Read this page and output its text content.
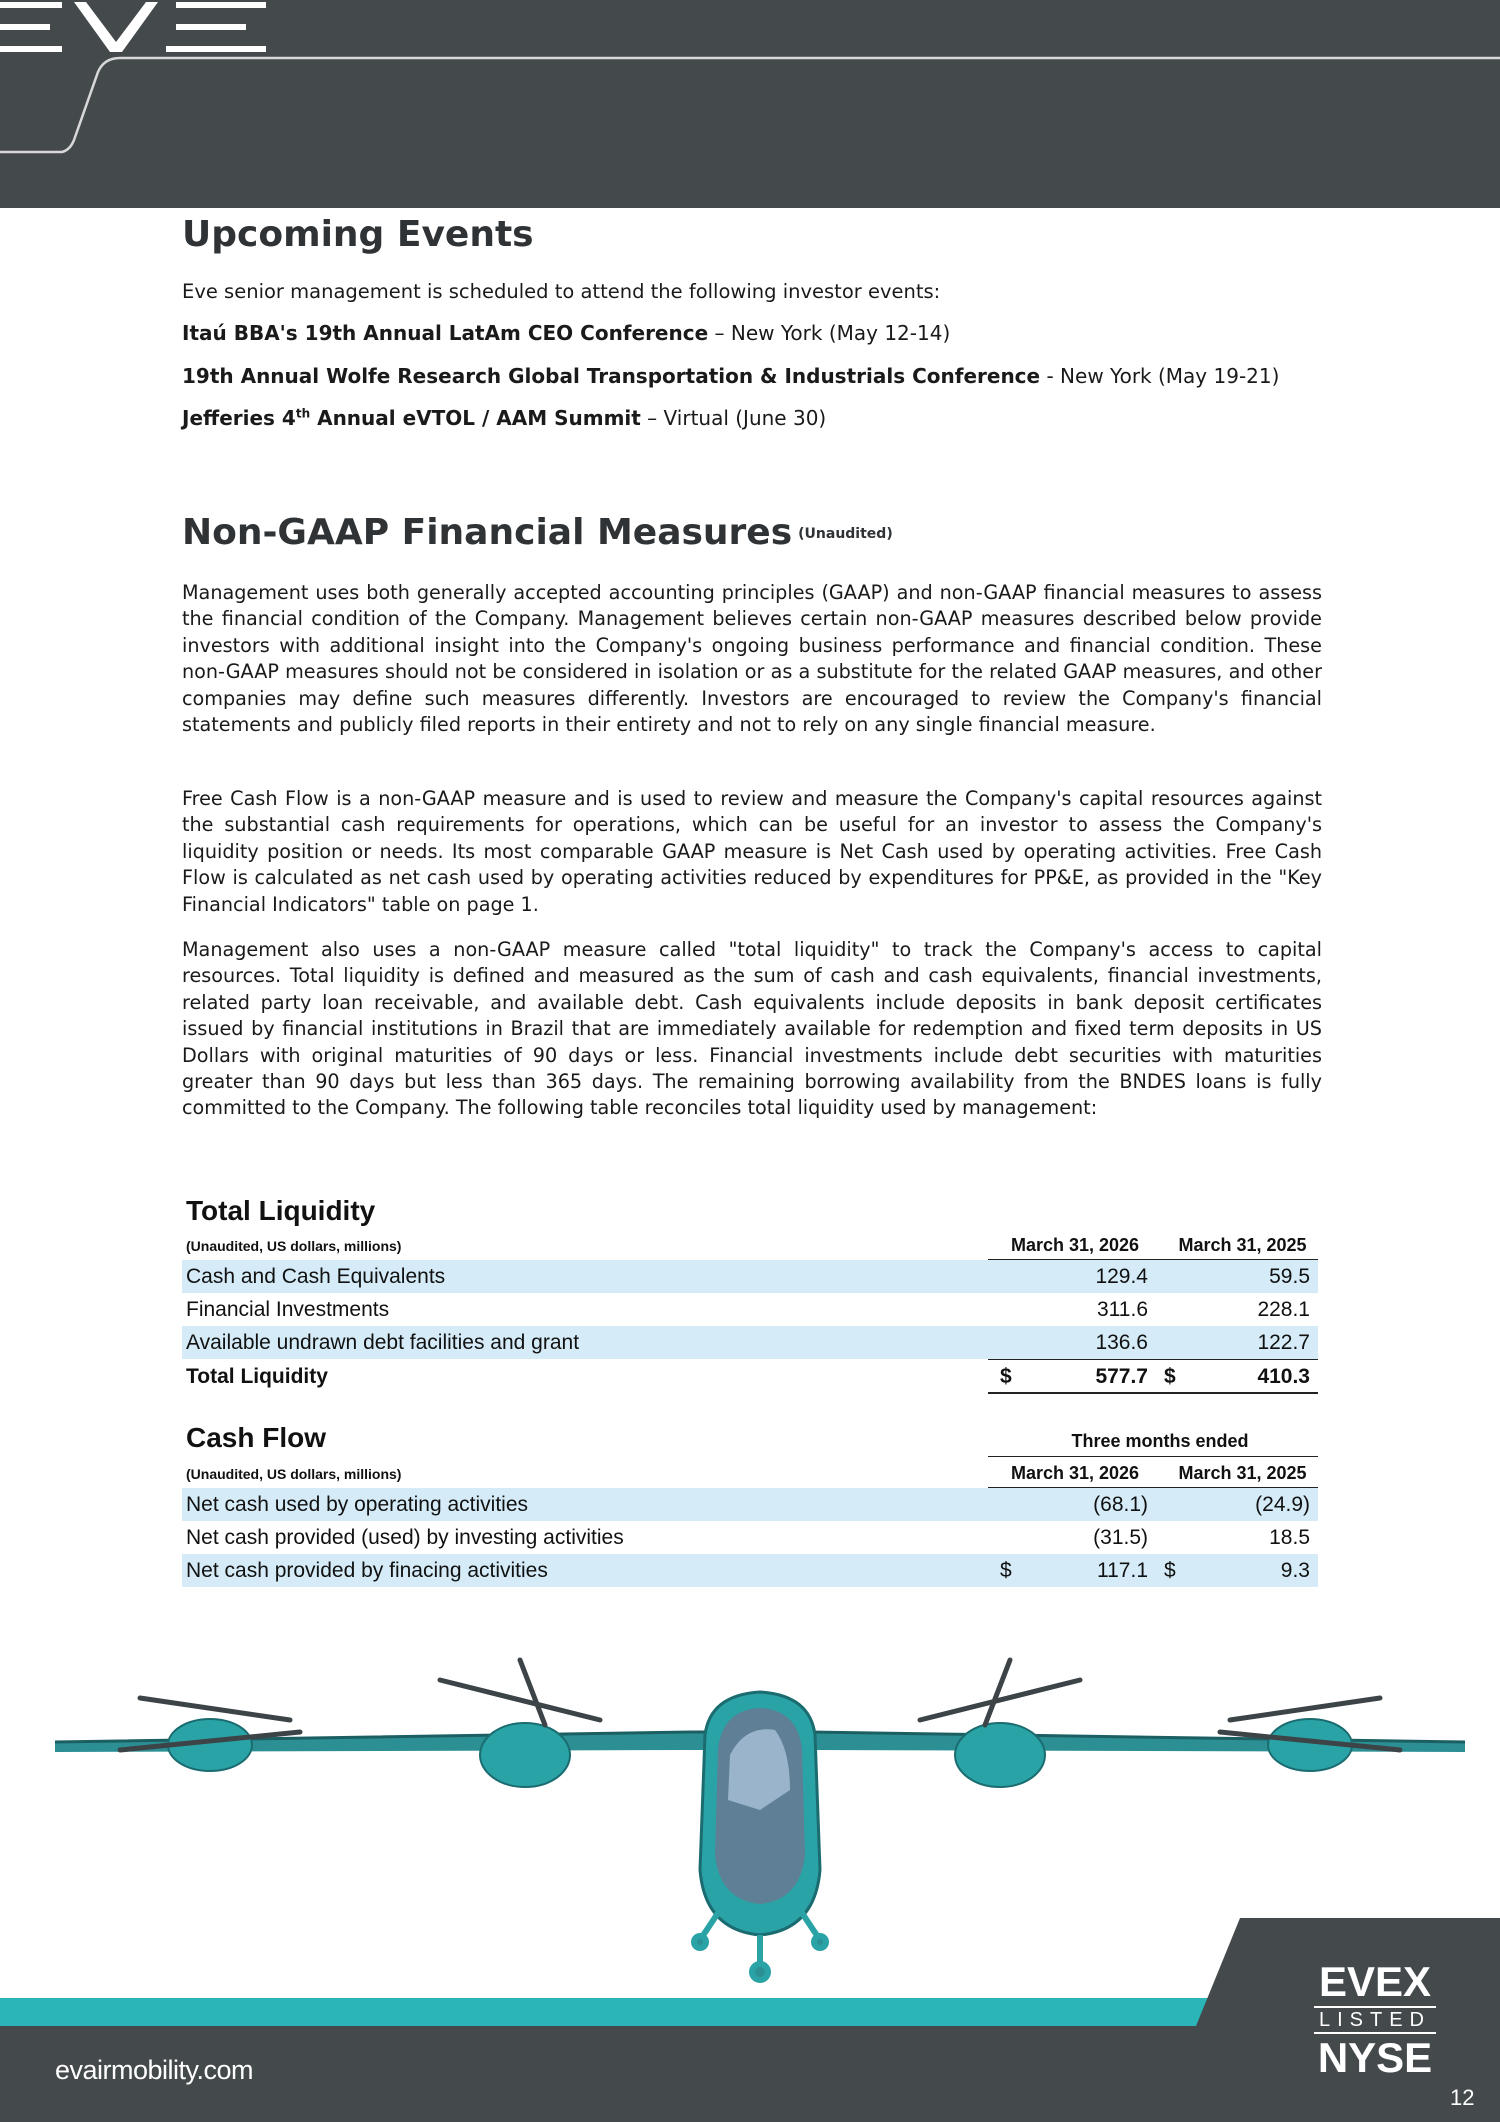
Upcoming Events

Eve senior management is scheduled to attend the following investor events:

Itaú BBA's 19th Annual LatAm CEO Conference – New York (May 12-14)

19th Annual Wolfe Research Global Transportation & Industrials Conference - New York (May 19-21)

Jefferies 4th Annual eVTOL / AAM Summit – Virtual (June 30)

Non-GAAP Financial Measures (Unaudited)

Management uses both generally accepted accounting principles (GAAP) and non-GAAP financial measures to assess the financial condition of the Company. Management believes certain non-GAAP measures described below provide investors with additional insight into the Company's ongoing business performance and financial condition. These non-GAAP measures should not be considered in isolation or as a substitute for the related GAAP measures, and other companies may define such measures differently. Investors are encouraged to review the Company's financial statements and publicly filed reports in their entirety and not to rely on any single financial measure.

Free Cash Flow is a non-GAAP measure and is used to review and measure the Company's capital resources against the substantial cash requirements for operations, which can be useful for an investor to assess the Company's liquidity position or needs. Its most comparable GAAP measure is Net Cash used by operating activities. Free Cash Flow is calculated as net cash used by operating activities reduced by expenditures for PP&E, as provided in the "Key Financial Indicators" table on page 1.

Management also uses a non-GAAP measure called "total liquidity" to track the Company's access to capital resources. Total liquidity is defined and measured as the sum of cash and cash equivalents, financial investments, related party loan receivable, and available debt. Cash equivalents include deposits in bank deposit certificates issued by financial institutions in Brazil that are immediately available for redemption and fixed term deposits in US Dollars with original maturities of 90 days or less. Financial investments include debt securities with maturities greater than 90 days but less than 365 days. The remaining borrowing availability from the BNDES loans is fully committed to the Company. The following table reconciles total liquidity used by management:

Total Liquidity
(Unaudited, US dollars, millions)	March 31, 2026	March 31, 2025
Cash and Cash Equivalents	129.4	59.5
Financial Investments	311.6	228.1
Available undrawn debt facilities and grant	136.6	122.7
Total Liquidity	$	577.7 $	410.3
Cash Flow	Three months ended
(Unaudited, US dollars, millions)	March 31, 2026	March 31, 2025
Net cash used by operating activities	(68.1)	(24.9)
Net cash provided (used) by investing activities	(31.5)	18.5
Net cash provided by finacing activities	$	117.1 $	9.3
evairmobility.com
EVEX
LISTED
NYSE
12
